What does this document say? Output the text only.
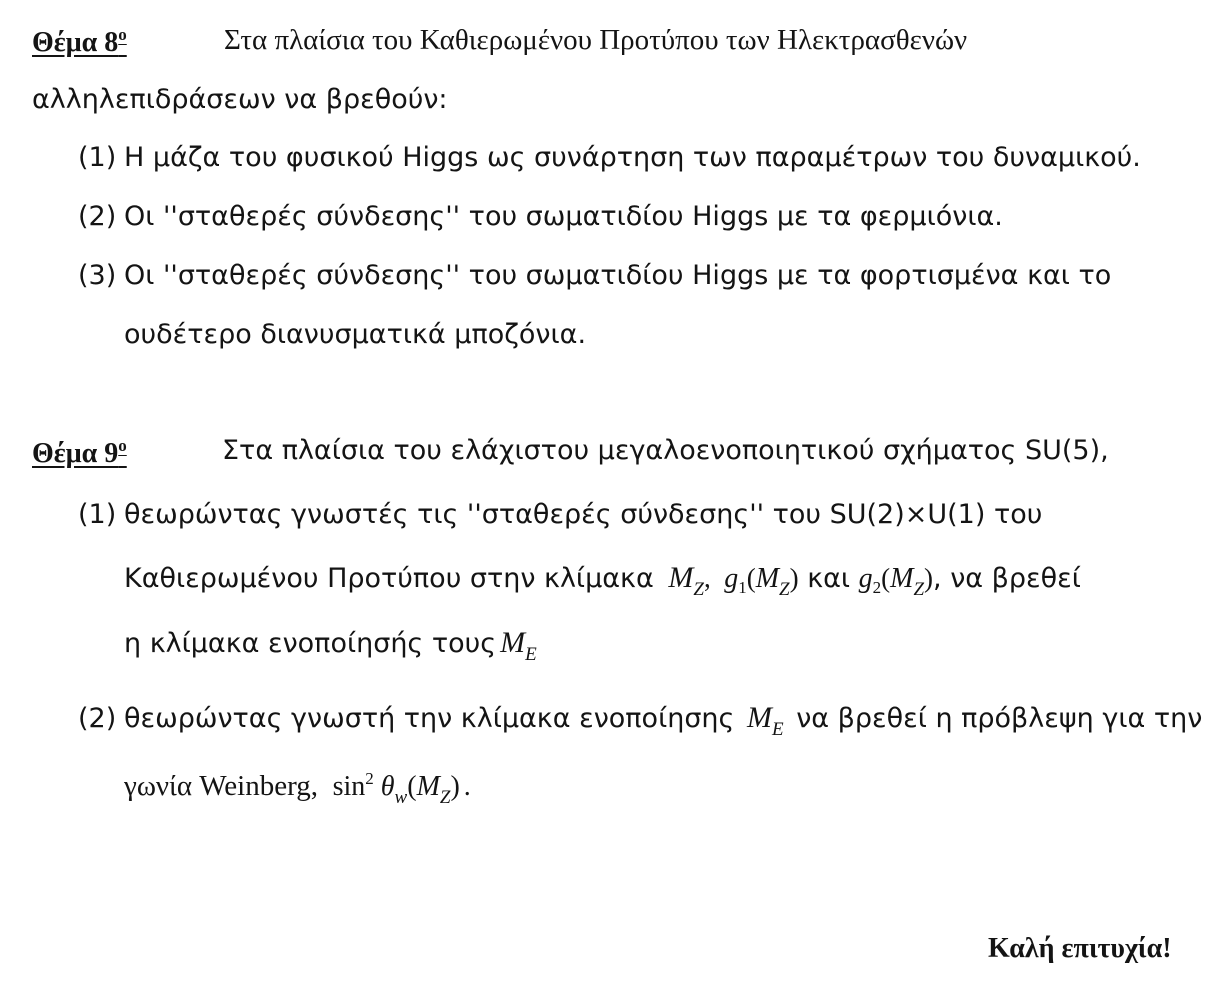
Θέμα $8^o$	Στα πλαίσια του Καθιερωμένου Προτύπου των Ηλεκτρασθενών
αλληλεπιδράσεων να βρεθούν:
(1) Η μάζα του φυσικού Higgs ως συνάρτηση των παραμέτρων του δυναμικού.
(2) Οι ''σταθερές σύνδεσης'' του σωματιδίου Higgs με τα φερμιόνια.
(3) Οι ''σταθερές σύνδεσης'' του σωματιδίου Higgs με τα φορτισμένα και το
ουδέτερο διανυσματικά μποζόνια.
Θέμα $9^o$	Στα πλαίσια του ελάχιστου μεγαλοενοποιητικού σχήματος SU(5),
(1) θεωρώντας γνωστές τις ''σταθερές σύνδεσης'' του SU(2)×U(1) του
Καθιερωμένου Προτύπου στην κλίμακα $M_Z$,  $g_1(M_Z)$ και $g_2(M_Z)$, να βρεθεί
η κλίμακα ενοποίησής τους $M_E$
(2) θεωρώντας γνωστή την κλίμακα ενοποίησης $M_E$ να βρεθεί η πρόβλεψη για την
γωνία Weinberg, $\sin^2 \theta_w(M_Z)$ .
Καλή επιτυχία!
